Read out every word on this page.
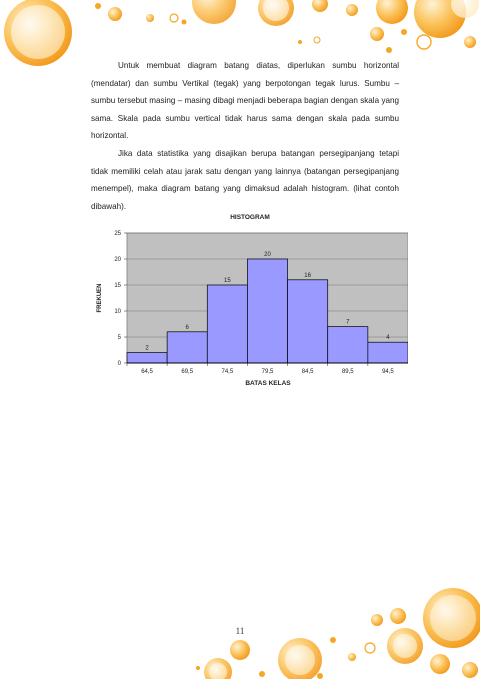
Untuk membuat diagram batang diatas, diperlukan sumbu horizontal (mendatar) dan sumbu Vertikal (tegak) yang berpotongan tegak lurus. Sumbu – sumbu tersebut masing – masing dibagi menjadi beberapa bagian dengan skala yang sama. Skala pada sumbu vertical tidak harus sama dengan skala pada sumbu horizontal.

Jika data statistika yang disajikan berupa batangan persegipanjang tetapi tidak memiliki celah atau jarak satu dengan yang lainnya (batangan persegipanjang menempel), maka diagram batang yang dimaksud adalah histogram. (lihat contoh dibawah).

HISTOGRAM
0
5
10
15
20
25
2
64,5
6
69,5
15
74,5
20
79,5
16
84,5
7
89,5
4
94,5
BATAS KELAS
FREKUEN
11
